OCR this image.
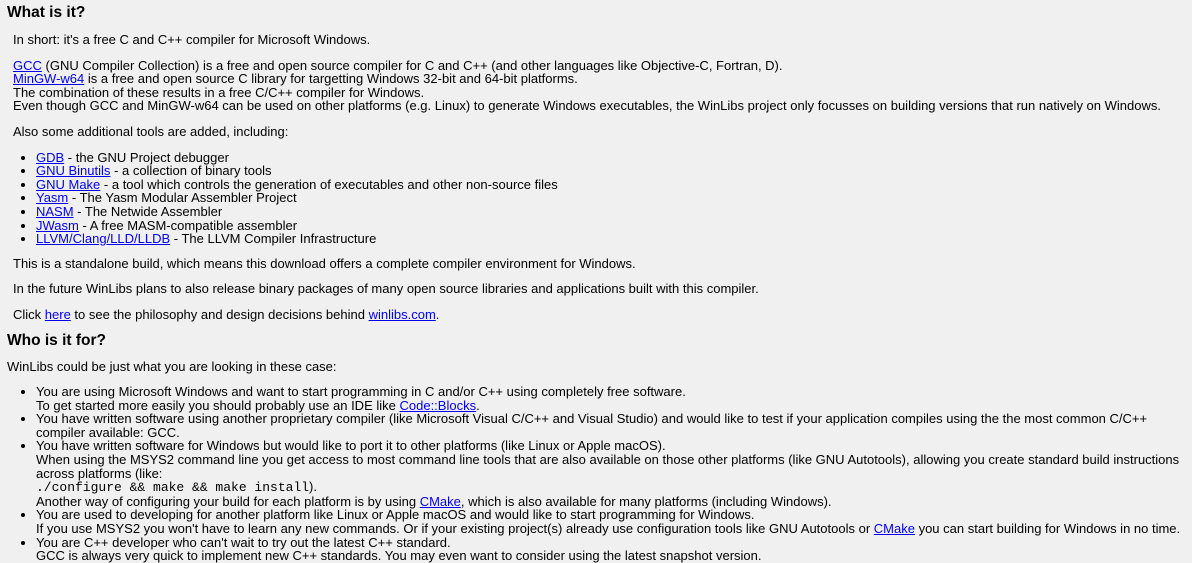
What is it?

In short: it's a free C and C++ compiler for Microsoft Windows.

GCC (GNU Compiler Collection) is a free and open source compiler for C and C++ (and other languages like Objective-C, Fortran, D).
MinGW-w64 is a free and open source C library for targetting Windows 32-bit and 64-bit platforms.
The combination of these results in a free C/C++ compiler for Windows.
Even though GCC and MinGW-w64 can be used on other platforms (e.g. Linux) to generate Windows executables, the WinLibs project only focusses on building versions that run natively on Windows.

Also some additional tools are added, including:

• GDB - the GNU Project debugger
• GNU Binutils - a collection of binary tools
• GNU Make - a tool which controls the generation of executables and other non-source files
• Yasm - The Yasm Modular Assembler Project
• NASM - The Netwide Assembler
• JWasm - A free MASM-compatible assembler
• LLVM/Clang/LLD/LLDB - The LLVM Compiler Infrastructure

This is a standalone build, which means this download offers a complete compiler environment for Windows.

In the future WinLibs plans to also release binary packages of many open source libraries and applications built with this compiler.

Click here to see the philosophy and design decisions behind winlibs.com.

Who is it for?

WinLibs could be just what you are looking in these case:

• You are using Microsoft Windows and want to start programming in C and/or C++ using completely free software.
To get started more easily you should probably use an IDE like Code::Blocks.
• You have written software using another proprietary compiler (like Microsoft Visual C/C++ and Visual Studio) and would like to test if your application compiles using the the most common C/C++ compiler available: GCC.
• You have written software for Windows but would like to port it to other platforms (like Linux or Apple macOS).
When using the MSYS2 command line you get access to most command line tools that are also available on those other platforms (like GNU Autotools), allowing you create standard build instructions across platforms (like:
./configure && make && make install).
Another way of configuring your build for each platform is by using CMake, which is also available for many platforms (including Windows).
• You are used to developing for another platform like Linux or Apple macOS and would like to start programming for Windows.
If you use MSYS2 you won't have to learn any new commands. Or if your existing project(s) already use configuration tools like GNU Autotools or CMake you can start building for Windows in no time.
• You are C++ developer who can't wait to try out the latest C++ standard.
GCC is always very quick to implement new C++ standards. You may even want to consider using the latest snapshot version.
